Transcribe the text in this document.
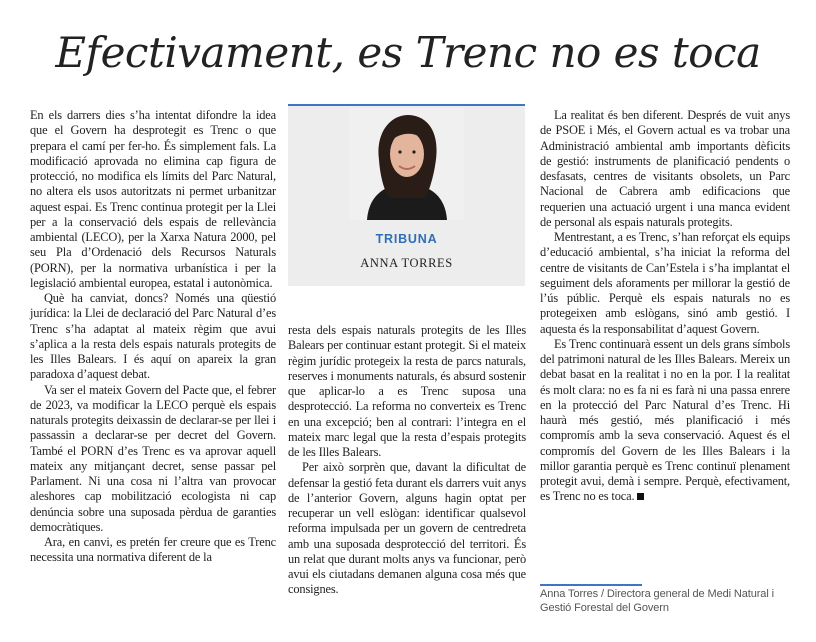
Efectivament, es Trenc no es toca

En els darrers dies s’ha intentat difondre la idea que el Govern ha desprotegit es Trenc o que prepara el camí per fer-ho. És simplement fals. La modificació aprovada no elimina cap figura de protecció, no modifica els límits del Parc Natural, no altera els usos autoritzats ni permet urbanitzar aquest espai. Es Trenc continua protegit per la Llei per a la conservació dels espais de rellevància ambiental (LECO), per la Xarxa Natura 2000, pel seu Pla d’Ordenació dels Recursos Naturals (PORN), per la normativa urbanística i per la legislació ambiental europea, estatal i autonòmica.

Què ha canviat, doncs? Només una qüestió jurídica: la Llei de declaració del Parc Natural d’es Trenc s’ha adaptat al mateix règim que avui s’aplica a la resta dels espais naturals protegits de les Illes Balears. I és aquí on apareix la gran paradoxa d’aquest debat.

Va ser el mateix Govern del Pacte que, el febrer de 2023, va modificar la LECO perquè els espais naturals protegits deixassin de declarar-se per llei i passassin a declarar-se per decret del Govern. També el PORN d’es Trenc es va aprovar aquell mateix any mitjançant decret, sense passar pel Parlament. Ni una cosa ni l’altra van provocar aleshores cap mobilització ecologista ni cap denúncia sobre una suposada pèrdua de garanties democràtiques.

Ara, en canvi, es pretén fer creure que es Trenc necessita una normativa diferent de la

TRIBUNA
ANNA TORRES

resta dels espais naturals protegits de les Illes Balears per continuar estant protegit. Si el mateix règim jurídic protegeix la resta de parcs naturals, reserves i monuments naturals, és absurd sostenir que aplicar-lo a es Trenc suposa una desprotecció. La reforma no converteix es Trenc en una excepció; ben al contrari: l’integra en el mateix marc legal que la resta d’espais protegits de les Illes Balears.

Per això sorprèn que, davant la dificultat de defensar la gestió feta durant els darrers vuit anys de l’anterior Govern, alguns hagin optat per recuperar un vell eslògan: identificar qualsevol reforma impulsada per un govern de centredreta amb una suposada desprotecció del territori. És un relat que durant molts anys va funcionar, però avui els ciutadans demanen alguna cosa més que consignes.

La realitat és ben diferent. Després de vuit anys de PSOE i Més, el Govern actual es va trobar una Administració ambiental amb importants dèficits de gestió: instruments de planificació pendents o desfasats, centres de visitants obsolets, un Parc Nacional de Cabrera amb edificacions que requerien una actuació urgent i una manca evident de personal als espais naturals protegits.

Mentrestant, a es Trenc, s’han reforçat els equips d’educació ambiental, s’ha iniciat la reforma del centre de visitants de Can’Estela i s’ha implantat el seguiment dels aforaments per millorar la gestió de l’ús públic. Perquè els espais naturals no es protegeixen amb eslògans, sinó amb gestió. I aquesta és la responsabilitat d’aquest Govern.

Es Trenc continuarà essent un dels grans símbols del patrimoni natural de les Illes Balears. Mereix un debat basat en la realitat i no en la por. I la realitat és molt clara: no es fa ni es farà ni una passa enrere en la protecció del Parc Natural d’es Trenc. Hi haurà més gestió, més planificació i més compromís amb la seva conservació. Aquest és el compromís del Govern de les Illes Balears i la millor garantia perquè es Trenc continuï plenament protegit avui, demà i sempre. Perquè, efectivament, es Trenc no es toca.

Anna Torres / Directora general de Medi Natural i Gestió Forestal del Govern
